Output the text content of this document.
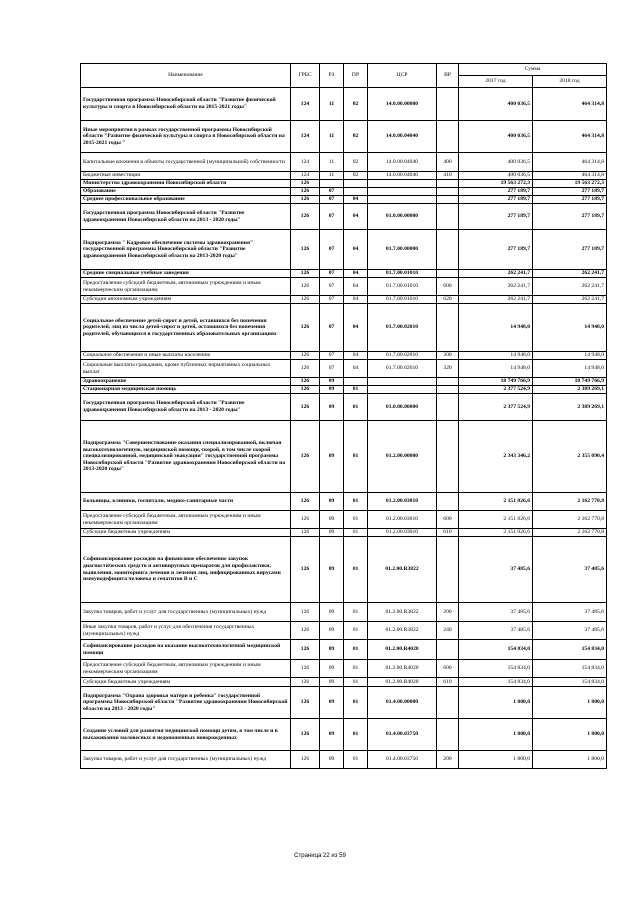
Наименование	ГРБС	РЗ	ПР	ЦСР	ВР	Сумма	
						2017 год	2018 год
Государственная программа Новосибирской области "Развитие физической культуры и спорта в Новосибирской области на 2015-2021 годы"	124	11	02	14.0.00.00000		400 036,5	464 314,8
Иные мероприятия в рамках государственной программы Новосибирской области "Развитие физической культуры и спорта в Новосибирской области на 2015-2021 годы "	124	11	02	14.0.00.04040		400 036,5	464 314,8
Капитальные вложения в объекты государственной (муниципальной) собственности	124	11	02	14.0.00.04040	400	400 036,5	464 314,8
Бюджетные инвестиции	124	11	02	14.0.00.04040	410	400 036,5	464 314,8
Министерство здравоохранения Новосибирской области	126					19 563 272,3	19 563 272,3
Образование	126	07				277 189,7	277 189,7
Среднее профессиональное образование	126	07	04			277 189,7	277 189,7
Государственная программа Новосибирской области "Развитие здравоохранения Новосибирской области на 2013 - 2020 годы"	126	07	04	01.0.00.00000		277 189,7	277 189,7
Подпрограмма " Кадровое обеспечение системы здравоохранения" государственной программы Новосибирской области "Развитие здравоохранения Новосибирской области на 2013-2020 годы"	126	07	04	01.7.00.00000		277 189,7	277 189,7
Средние специальные учебные заведения	126	07	04	01.7.00.01010		262 241,7	262 241,7
Предоставление субсидий бюджетным, автономным учреждениям и иным некоммерческим организациям	126	07	04	01.7.00.01010	600	262 241,7	262 241,7
Субсидии автономным учреждениям	126	07	04	01.7.00.01010	620	262 241,7	262 241,7
Социальное обеспечение детей-сирот и детей, оставшихся без попечения родителей, лиц из числа детей-сирот и детей, оставшихся без попечения родителей, обучающихся в государственных образовательных организациях	126	07	04	01.7.00.02010		14 948,0	14 948,0
Социальное обеспечение и иные выплаты населению	126	07	04	01.7.00.02010	300	14 948,0	14 948,0
Социальные выплаты гражданам, кроме публичных нормативных социальных выплат	126	07	04	01.7.00.02010	320	14 948,0	14 948,0
Здравоохранение	126	09				18 749 766,9	18 749 766,9
Стационарная медицинская помощь	126	09	01			2 377 524,9	2 389 269,1
Государственная программа Новосибирской области "Развитие здравоохранения Новосибирской области на 2013 - 2020 годы"	126	09	01	01.0.00.00000		2 377 524,9	2 389 269,1
Подпрограмма "Совершенствование оказания специализированной, включая высокотехнологичную, медицинской помощи, скорой, в том числе скорой специализированной, медицинской эвакуации" государственной программы Новосибирской области "Развитие здравоохранения Новосибирской области на 2013-2020 годы"	126	09	01	01.2.00.00000		2 343 346,2	2 355 090,4
Больницы, клиники, госпитали, медико-санитарные части	126	09	01	01.2.00.03010		2 151 026,6	2 162 770,8
Предоставление субсидий бюджетным, автономным учреждениям и иным некоммерческим организациям	126	09	01	01.2.00.03010	600	2 151 026,6	2 162 770,8
Субсидии бюджетным учреждениям	126	09	01	01.2.00.03010	610	2 151 026,6	2 162 770,8
Софинансирование расходов на финансовое обеспечение закупок диагностических средств и антивирусных препаратов для профилактики, выявления, мониторинга лечения и лечения лиц, инфицированных вирусами иммунодефицита человека и гепатитов В и С	126	09	01	01.2.00.R3822		37 485,6	37 485,6
Закупка товаров, работ и услуг для государственных (муниципальных) нужд	126	09	01	01.2.00.R3822	200	37 485,6	37 485,6
Иные закупки товаров, работ и услуг для обеспечения государственных (муниципальных) нужд	126	09	01	01.2.00.R3822	240	37 485,6	37 485,6
Софинансирование расходов на оказание высокотехнологичной медицинской помощи	126	09	01	01.2.00.R4020		154 834,0	154 834,0
Предоставление субсидий бюджетным, автономным учреждениям и иным некоммерческим организациям	126	09	01	01.2.00.R4020	600	154 834,0	154 834,0
Субсидии бюджетным учреждениям	126	09	01	01.2.00.R4020	610	154 834,0	154 834,0
Подпрограмма "Охрана здоровья матери и ребенка" государственной программы Новосибирской области "Развитие здравоохранения Новосибирской области на 2013 - 2020 годы"	126	09	01	01.4.00.00000		1 800,0	1 800,0
Создание условий для развития медицинской помощи детям, в том числе и в выхаживании маловесных и недоношенных новорожденных	126	09	01	01.4.00.03750		1 800,0	1 800,0
Закупка товаров, работ и услуг для государственных (муниципальных) нужд	126	09	01	01.4.00.03750	200	1 800,0	1 800,0
Страница 22 из 59
